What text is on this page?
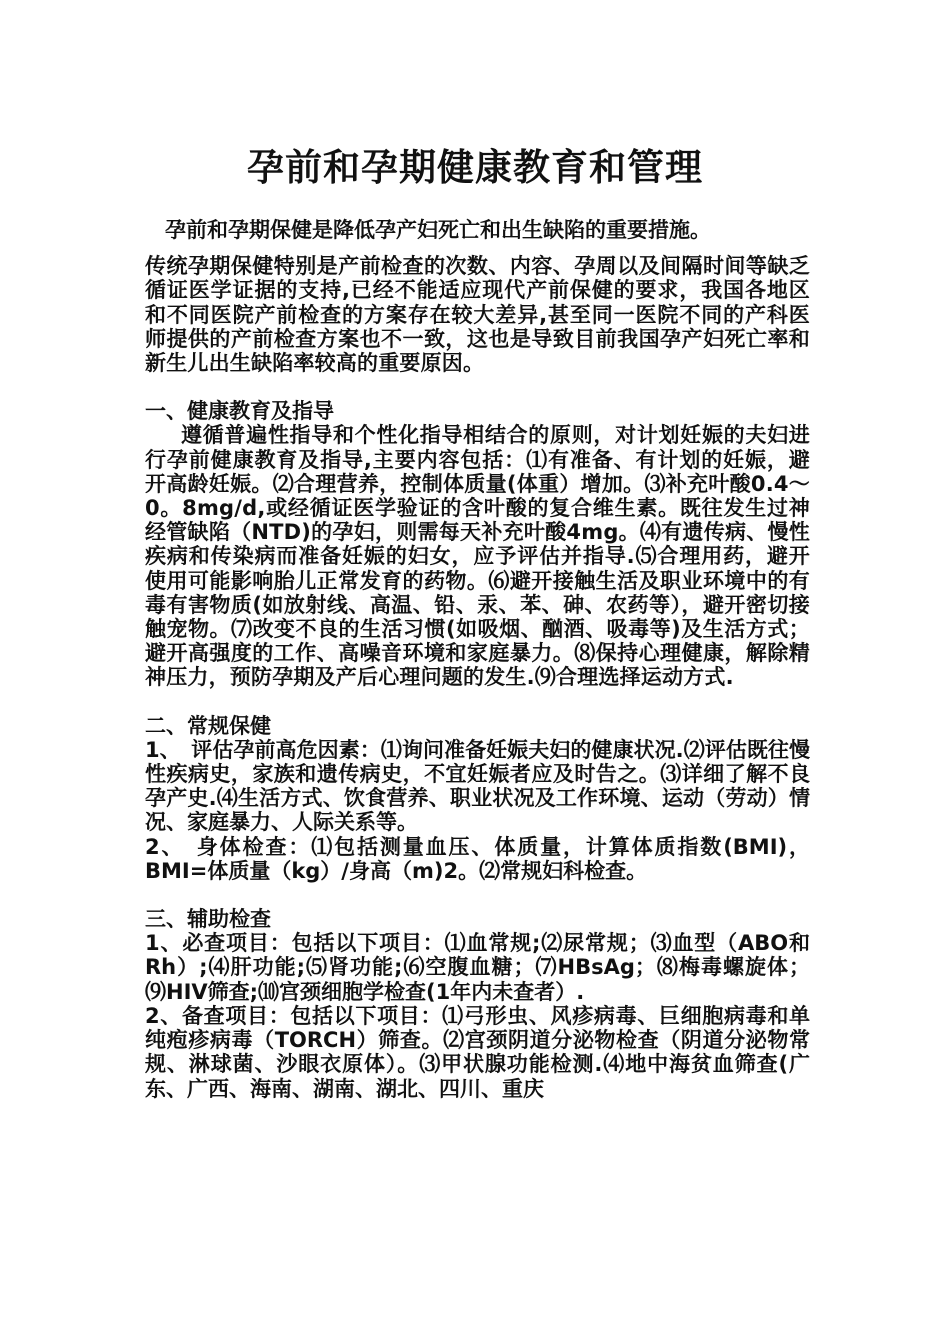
孕前和孕期健康教育和管理

孕前和孕期保健是降低孕产妇死亡和出生缺陷的重要措施。

传统孕期保健特别是产前检查的次数、内容、孕周以及间隔时间等缺乏循证医学证据的支持,已经不能适应现代产前保健的要求，我国各地区和不同医院产前检查的方案存在较大差异,甚至同一医院不同的产科医师提供的产前检查方案也不一致，这也是导致目前我国孕产妇死亡率和新生儿出生缺陷率较高的重要原因。

一、健康教育及指导

遵循普遍性指导和个性化指导相结合的原则，对计划妊娠的夫妇进行孕前健康教育及指导,主要内容包括：⑴有准备、有计划的妊娠，避开高龄妊娠。⑵合理营养，控制体质量(体重）增加。⑶补充叶酸0.4～0。8mg/d,或经循证医学验证的含叶酸的复合维生素。既往发生过神经管缺陷（NTD)的孕妇，则需每天补充叶酸4mg。⑷有遗传病、慢性疾病和传染病而准备妊娠的妇女，应予评估并指导.⑸合理用药，避开使用可能影响胎儿正常发育的药物。⑹避开接触生活及职业环境中的有毒有害物质(如放射线、高温、铅、汞、苯、砷、农药等），避开密切接触宠物。⑺改变不良的生活习惯(如吸烟、酗酒、吸毒等)及生活方式；避开高强度的工作、高噪音环境和家庭暴力。⑻保持心理健康，解除精神压力，预防孕期及产后心理问题的发生.⑼合理选择运动方式.

二、常规保健

1、　评估孕前高危因素：⑴询问准备妊娠夫妇的健康状况.⑵评估既往慢性疾病史，家族和遗传病史，不宜妊娠者应及时告之。⑶详细了解不良孕产史.⑷生活方式、饮食营养、职业状况及工作环境、运动（劳动）情况、家庭暴力、人际关系等。

2、　身体检查：⑴包括测量血压、体质量，计算体质指数(BMI)，BMI=体质量（kg）/身高（m)2。⑵常规妇科检查。

三、辅助检查

1、必查项目：包括以下项目：⑴血常规;⑵尿常规；⑶血型（ABO和Rh）;⑷肝功能;⑸肾功能;⑹空腹血糖；⑺HBsAg；⑻梅毒螺旋体；⑼HIV筛查;⑽宫颈细胞学检查(1年内未查者）.

2、备查项目：包括以下项目：⑴弓形虫、风疹病毒、巨细胞病毒和单纯疱疹病毒（TORCH）筛查。⑵宫颈阴道分泌物检查（阴道分泌物常规、淋球菌、沙眼衣原体）。⑶甲状腺功能检测.⑷地中海贫血筛查(广东、广西、海南、湖南、湖北、四川、重庆
